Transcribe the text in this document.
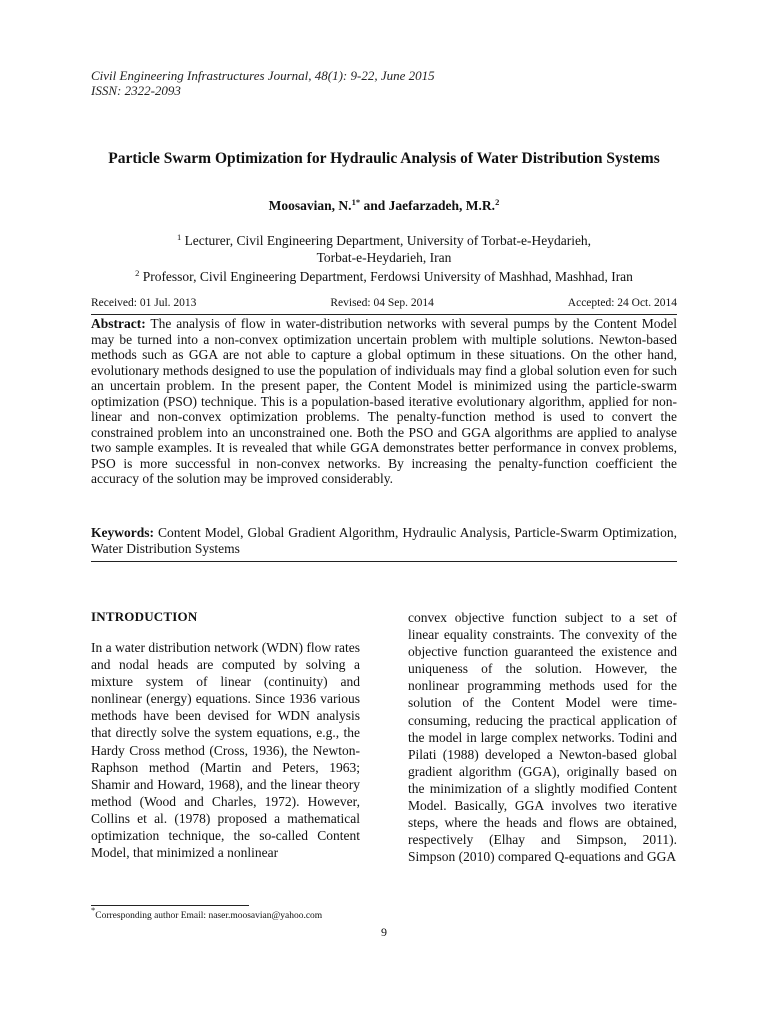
Civil Engineering Infrastructures Journal, 48(1): 9-22, June 2015
ISSN: 2322-2093
Particle Swarm Optimization for Hydraulic Analysis of Water Distribution Systems
Moosavian, N.$^{1*}$ and Jaefarzadeh, M.R.$^2$
$^1$ Lecturer, Civil Engineering Department, University of Torbat-e-Heydarieh,
Torbat-e-Heydarieh, Iran
$^2$ Professor, Civil Engineering Department, Ferdowsi University of Mashhad, Mashhad, Iran
Received: 01 Jul. 2013	Revised: 04 Sep. 2014	Accepted: 24 Oct. 2014
Abstract: The analysis of flow in water-distribution networks with several pumps by the Content Model may be turned into a non-convex optimization uncertain problem with multiple solutions. Newton-based methods such as GGA are not able to capture a global optimum in these situations. On the other hand, evolutionary methods designed to use the population of individuals may find a global solution even for such an uncertain problem. In the present paper, the Content Model is minimized using the particle-swarm optimization (PSO) technique. This is a population-based iterative evolutionary algorithm, applied for non-linear and non-convex optimization problems. The penalty-function method is used to convert the constrained problem into an unconstrained one. Both the PSO and GGA algorithms are applied to analyse two sample examples. It is revealed that while GGA demonstrates better performance in convex problems, PSO is more successful in non-convex networks. By increasing the penalty-function coefficient the accuracy of the solution may be improved considerably.
Keywords: Content Model, Global Gradient Algorithm, Hydraulic Analysis, Particle-Swarm Optimization, Water Distribution Systems
INTRODUCTION
In a water distribution network (WDN) flow rates and nodal heads are computed by solving a mixture system of linear (continuity) and nonlinear (energy) equations. Since 1936 various methods have been devised for WDN analysis that directly solve the system equations, e.g., the Hardy Cross method (Cross, 1936), the Newton-Raphson method (Martin and Peters, 1963; Shamir and Howard, 1968), and the linear theory method (Wood and Charles, 1972). However, Collins et al. (1978) proposed a mathematical optimization technique, the so-called Content Model, that minimized a nonlinear
convex objective function subject to a set of linear equality constraints. The convexity of the objective function guaranteed the existence and uniqueness of the solution. However, the nonlinear programming methods used for the solution of the Content Model were time-consuming, reducing the practical application of the model in large complex networks. Todini and Pilati (1988) developed a Newton-based global gradient algorithm (GGA), originally based on the minimization of a slightly modified Content Model. Basically, GGA involves two iterative steps, where the heads and flows are obtained, respectively (Elhay and Simpson, 2011). Simpson (2010) compared Q-equations and GGA
*Corresponding author Email: naser.moosavian@yahoo.com
9
